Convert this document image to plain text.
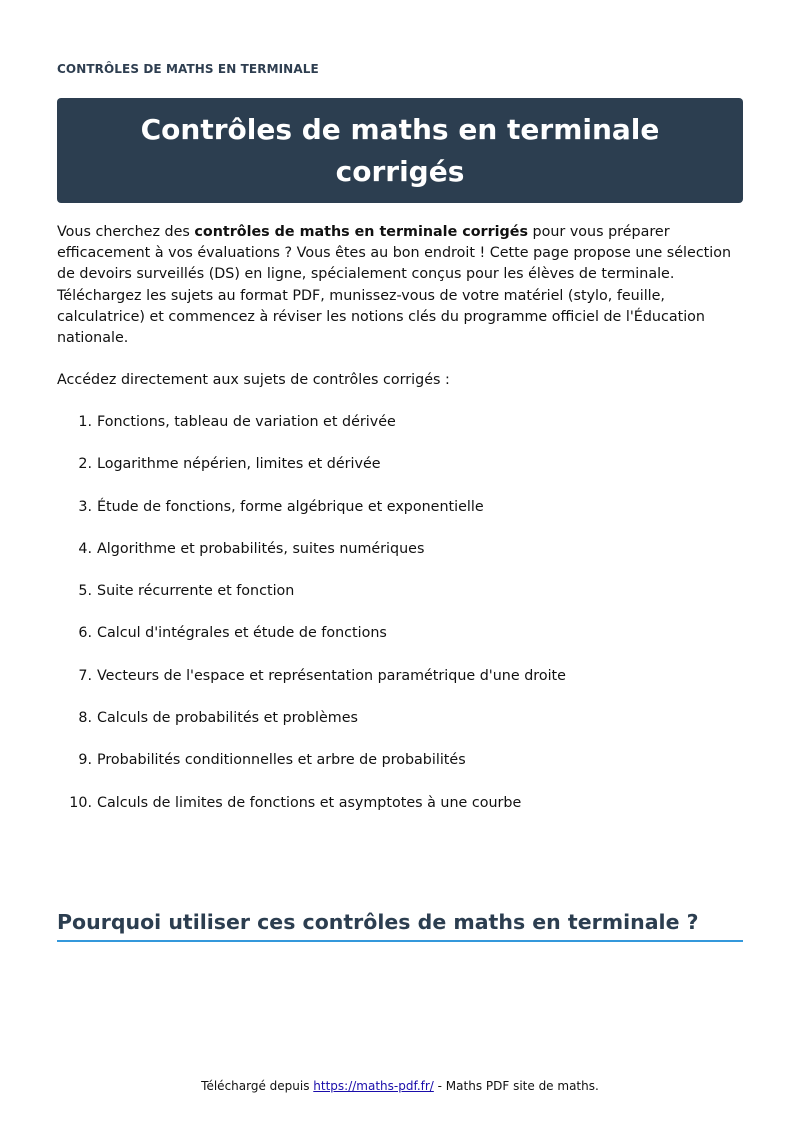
CONTRÔLES DE MATHS EN TERMINALE
Contrôles de maths en terminale
corrigés

Vous cherchez des contrôles de maths en terminale corrigés pour vous préparer efficacement à vos évaluations ? Vous êtes au bon endroit ! Cette page propose une sélection de devoirs surveillés (DS) en ligne, spécialement conçus pour les élèves de terminale. Téléchargez les sujets au format PDF, munissez-vous de votre matériel (stylo, feuille, calculatrice) et commencez à réviser les notions clés du programme officiel de l'Éducation nationale.

Accédez directement aux sujets de contrôles corrigés :

1. Fonctions, tableau de variation et dérivée
2. Logarithme népérien, limites et dérivée
3. Étude de fonctions, forme algébrique et exponentielle
4. Algorithme et probabilités, suites numériques
5. Suite récurrente et fonction
6. Calcul d'intégrales et étude de fonctions
7. Vecteurs de l'espace et représentation paramétrique d'une droite
8. Calculs de probabilités et problèmes
9. Probabilités conditionnelles et arbre de probabilités
10. Calculs de limites de fonctions et asymptotes à une courbe
Pourquoi utiliser ces contrôles de maths en terminale ?
Téléchargé depuis https://maths-pdf.fr/ - Maths PDF site de maths.
